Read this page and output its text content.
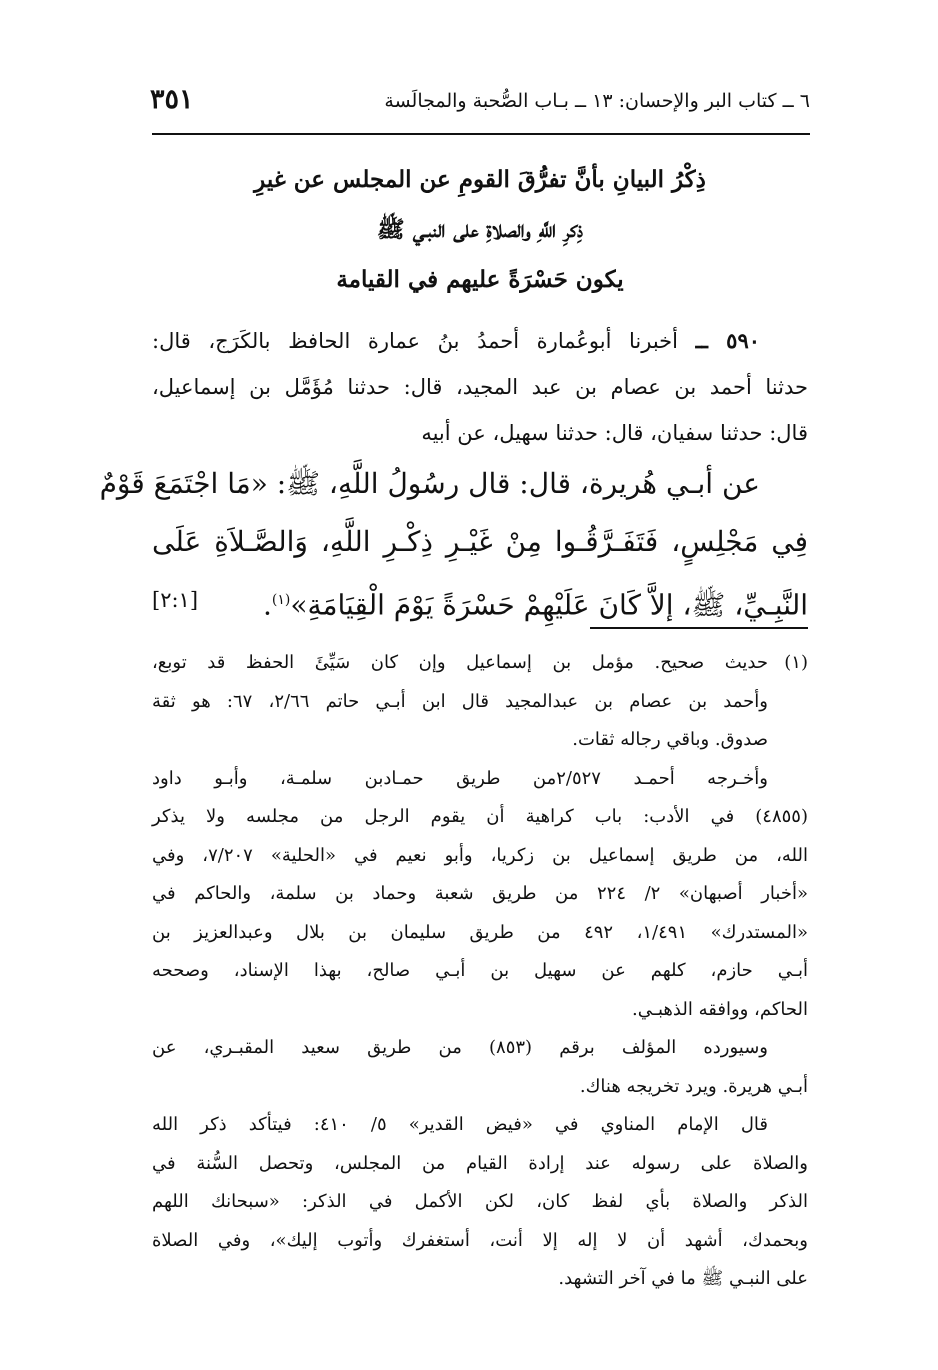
٦ ــ كتاب البر والإحسان: ١٣ ــ بـاب الصُّحبة والمجالَسة
٣٥١
ذِكْرُ البيانِ بأنَّ تفرُّقَ القومِ عن المجلس عن غيرِ
ذِكرِ اللَّهِ والصلاةِ على النبـي ﷺ
يكون حَسْرَةً عليهم في القيامة
٥٩٠ ــ أخبرنا أبوعُمارة أحمدُ بنُ عمارة الحافظ بالكَرَج، قال:
حدثنا أحمد بن عصام بن عبد المجيد، قال: حدثنا مُؤَمَّل بن إسماعيل،
قال: حدثنا سفيان، قال: حدثنا سهيل، عن أبيه
عن أبـي هُريرة، قال: قال رسُولُ اللَّهِ، ﷺ: «مَا اجْتَمَعَ قَوْمٌ
فِي مَجْلِسٍ، فَتَفَـرَّقُـوا مِنْ غَيْـرِ ذِكْـرِ اللَّهِ، وَالصَّـلاَةِ عَلَى
النَّبِـيِّ، ﷺ، إلاَّ كَانَ عَلَيْهِمْ حَسْرَةً يَوْمَ الْقِيَامَةِ»$^{(١)}$.
[٢:١]
(١)
حديث صحيح. مؤمل بن إسماعيل وإن كان سَيِّئَ الحفظ قد توبع،
وأحمد بن عصام بن عبدالمجيد قال ابن أبـي حاتم ٢/٦٦، ٦٧: هو ثقة
صدوق. وباقي رجاله ثقات.
وأخـرجه أحمـد ٢/٥٢٧من طريق حمـادبن سلمـة، وأبـو داود
(٤٨٥٥) في الأدب: باب كراهية أن يقوم الرجل من مجلسه ولا يذكر
الله، من طريق إسماعيل بن زكريا، وأبو نعيم في «الحلية» ٧/٢٠٧، وفي
«أخبار أصبهان» ٢/ ٢٢٤ من طريق شعبة وحماد بن سلمة، والحاكم في
«المستدرك» ١/٤٩١، ٤٩٢ من طريق سليمان بن بلال وعبدالعزيز بن
أبـي حازم، كلهم عن سهيل بن أبـي صالح، بهذا الإسناد، وصححه
الحاكم، ووافقه الذهبـي.
وسيورده المؤلف برقم (٨٥٣) من طريق سعيد المقبـري، عن
أبـي هريرة. ويرد تخريجه هناك.
قال الإمام المناوي في «فيض القدير» ٥/ ٤١٠: فيتأكد ذكر الله
والصلاة على رسوله عند إرادة القيام من المجلس، وتحصل السُّنة في
الذكر والصلاة بأي لفظ كان، لكن الأكمل في الذكر: «سبحانك اللهم
وبحمدك، أشهد أن لا إله إلا أنت، أستغفرك وأتوب إليك»، وفي الصلاة
على النبـي ﷺ ما في آخر التشهد.
